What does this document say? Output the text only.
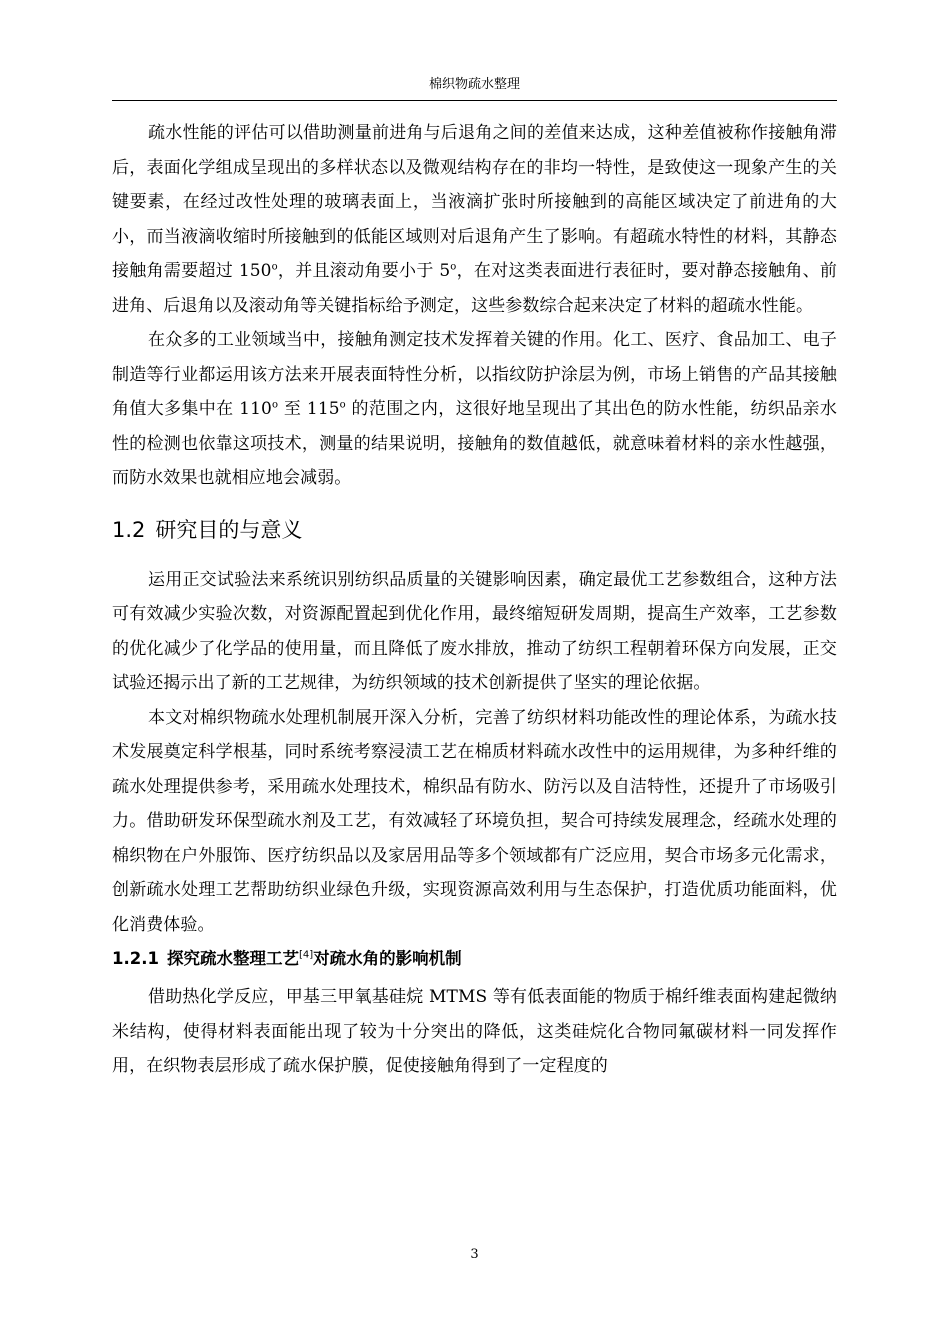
棉织物疏水整理

疏水性能的评估可以借助测量前进角与后退角之间的差值来达成，这种差值被称作接触角滞后，表面化学组成呈现出的多样状态以及微观结构存在的非均一特性，是致使这一现象产生的关键要素，在经过改性处理的玻璃表面上，当液滴扩张时所接触到的高能区域决定了前进角的大小，而当液滴收缩时所接触到的低能区域则对后退角产生了影响。有超疏水特性的材料，其静态接触角需要超过 150$^o$，并且滚动角要小于 5$^o$，在对这类表面进行表征时，要对静态接触角、前进角、后退角以及滚动角等关键指标给予测定，这些参数综合起来决定了材料的超疏水性能。

在众多的工业领域当中，接触角测定技术发挥着关键的作用。化工、医疗、食品加工、电子制造等行业都运用该方法来开展表面特性分析，以指纹防护涂层为例，市场上销售的产品其接触角值大多集中在 110$^o$ 至 115$^o$ 的范围之内，这很好地呈现出了其出色的防水性能，纺织品亲水性的检测也依靠这项技术，测量的结果说明，接触角的数值越低，就意味着材料的亲水性越强，而防水效果也就相应地会减弱。

1.2 研究目的与意义

运用正交试验法来系统识别纺织品质量的关键影响因素，确定最优工艺参数组合，这种方法可有效减少实验次数，对资源配置起到优化作用，最终缩短研发周期，提高生产效率，工艺参数的优化减少了化学品的使用量，而且降低了废水排放，推动了纺织工程朝着环保方向发展，正交试验还揭示出了新的工艺规律，为纺织领域的技术创新提供了坚实的理论依据。

本文对棉织物疏水处理机制展开深入分析，完善了纺织材料功能改性的理论体系，为疏水技术发展奠定科学根基，同时系统考察浸渍工艺在棉质材料疏水改性中的运用规律，为多种纤维的疏水处理提供参考，采用疏水处理技术，棉织品有防水、防污以及自洁特性，还提升了市场吸引力。借助研发环保型疏水剂及工艺，有效减轻了环境负担，契合可持续发展理念，经疏水处理的棉织物在户外服饰、医疗纺织品以及家居用品等多个领域都有广泛应用，契合市场多元化需求，创新疏水处理工艺帮助纺织业绿色升级，实现资源高效利用与生态保护，打造优质功能面料，优化消费体验。

1.2.1 探究疏水整理工艺[4]对疏水角的影响机制

借助热化学反应，甲基三甲氧基硅烷 MTMS 等有低表面能的物质于棉纤维表面构建起微纳米结构，使得材料表面能出现了较为十分突出的降低，这类硅烷化合物同氟碳材料一同发挥作用，在织物表层形成了疏水保护膜，促使接触角得到了一定程度的

3
